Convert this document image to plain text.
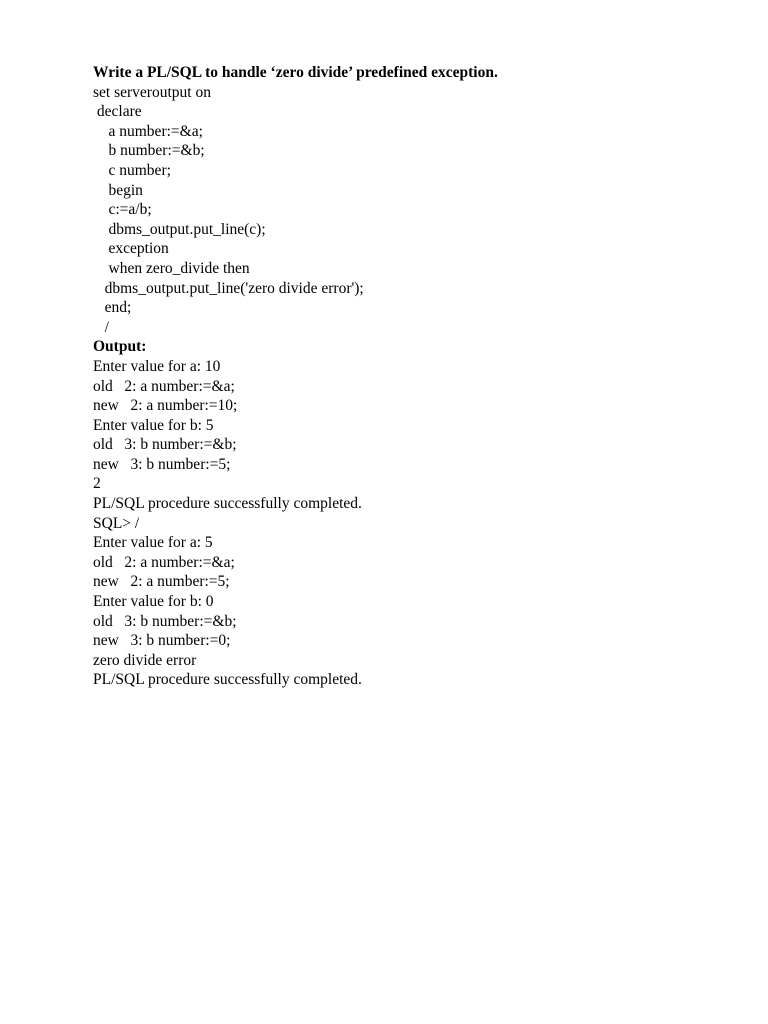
Write a PL/SQL to handle ‘zero divide’ predefined exception.
set serveroutput on
declare
a number:=&a;
b number:=&b;
c number;
begin
c:=a/b;
dbms_output.put_line(c);
exception
when zero_divide then
dbms_output.put_line('zero divide error');
end;
/
Output:
Enter value for a: 10
old   2: a number:=&a;
new   2: a number:=10;
Enter value for b: 5
old   3: b number:=&b;
new   3: b number:=5;
2
PL/SQL procedure successfully completed.
SQL> /
Enter value for a: 5
old   2: a number:=&a;
new   2: a number:=5;
Enter value for b: 0
old   3: b number:=&b;
new   3: b number:=0;
zero divide error
PL/SQL procedure successfully completed.
